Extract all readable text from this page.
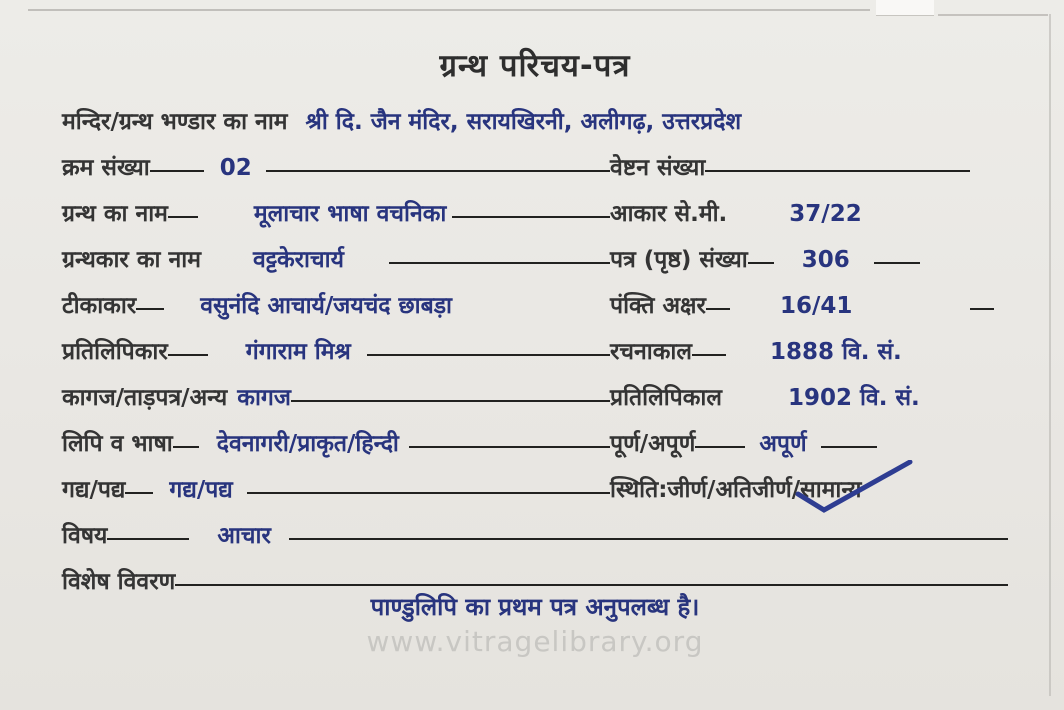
ग्रन्थ परिचय-पत्र
मन्दिर/ग्रन्थ भण्डार का नाम श्री दि. जैन मंदिर, सरायखिरनी, अलीगढ़, उत्तरप्रदेश
क्रम संख्या	02	वेष्टन संख्या
ग्रन्थ का नाम	मूलाचार भाषा वचनिका	आकार से.मी.	37/22
ग्रन्थकार का नाम वट्टकेराचार्य	पत्र (पृष्ठ) संख्या 306
टीकाकार	वसुनंदि आचार्य/जयचंद छाबड़ा	पंक्ति अक्षर	16/41
प्रतिलिपिकार	गंगाराम मिश्र	रचनाकाल	1888 वि. सं.
कागज/ताड़पत्र/अन्य कागज	प्रतिलिपिकाल	1902 वि. सं.
लिपि व भाषा देवनागरी/प्राकृत/हिन्दी	पूर्ण/अपूर्ण	अपूर्ण
गद्य/पद्य गद्य/पद्य	स्थिति:जीर्ण/अतिजीर्ण/ सामान्य
विषय	आचार
विशेष विवरण
पाण्डुलिपि का प्रथम पत्र अनुपलब्ध है।
www.vitragelibrary.org
